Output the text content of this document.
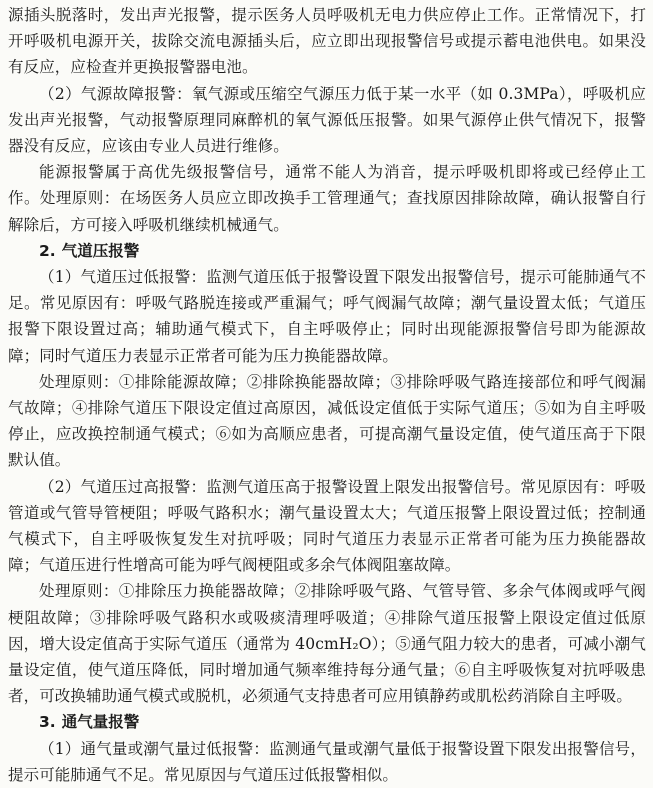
源插头脱落时，发出声光报警，提示医务人员呼吸机无电力供应停止工作。正常情况下，打开呼吸机电源开关，拔除交流电源插头后，应立即出现报警信号或提示蓄电池供电。如果没有反应，应检查并更换报警器电池。

（2）气源故障报警：氧气源或压缩空气源压力低于某一水平（如 0.3MPa），呼吸机应发出声光报警，气动报警原理同麻醉机的氧气源低压报警。如果气源停止供气情况下，报警器没有反应，应该由专业人员进行维修。

能源报警属于高优先级报警信号，通常不能人为消音，提示呼吸机即将或已经停止工作。处理原则：在场医务人员应立即改换手工管理通气；查找原因排除故障，确认报警自行解除后，方可接入呼吸机继续机械通气。

2. 气道压报警

（1）气道压过低报警：监测气道压低于报警设置下限发出报警信号，提示可能肺通气不足。常见原因有：呼吸气路脱连接或严重漏气；呼气阀漏气故障；潮气量设置太低；气道压报警下限设置过高；辅助通气模式下，自主呼吸停止；同时出现能源报警信号即为能源故障；同时气道压力表显示正常者可能为压力换能器故障。

处理原则：①排除能源故障；②排除换能器故障；③排除呼吸气路连接部位和呼气阀漏气故障；④排除气道压下限设定值过高原因，减低设定值低于实际气道压；⑤如为自主呼吸停止，应改换控制通气模式；⑥如为高顺应患者，可提高潮气量设定值，使气道压高于下限默认值。

（2）气道压过高报警：监测气道压高于报警设置上限发出报警信号。常见原因有：呼吸管道或气管导管梗阻；呼吸气路积水；潮气量设置太大；气道压报警上限设置过低；控制通气模式下，自主呼吸恢复发生对抗呼吸；同时气道压力表显示正常者可能为压力换能器故障；气道压进行性增高可能为呼气阀梗阻或多余气体阀阻塞故障。

处理原则：①排除压力换能器故障；②排除呼吸气路、气管导管、多余气体阀或呼气阀梗阻故障；③排除呼吸气路积水或吸痰清理呼吸道；④排除气道压报警上限设定值过低原因，增大设定值高于实际气道压（通常为 40cmH₂O）；⑤通气阻力较大的患者，可减小潮气量设定值，使气道压降低，同时增加通气频率维持每分通气量；⑥自主呼吸恢复对抗呼吸患者，可改换辅助通气模式或脱机，必须通气支持患者可应用镇静药或肌松药消除自主呼吸。

3. 通气量报警

（1）通气量或潮气量过低报警：监测通气量或潮气量低于报警设置下限发出报警信号，提示可能肺通气不足。常见原因与气道压过低报警相似。
